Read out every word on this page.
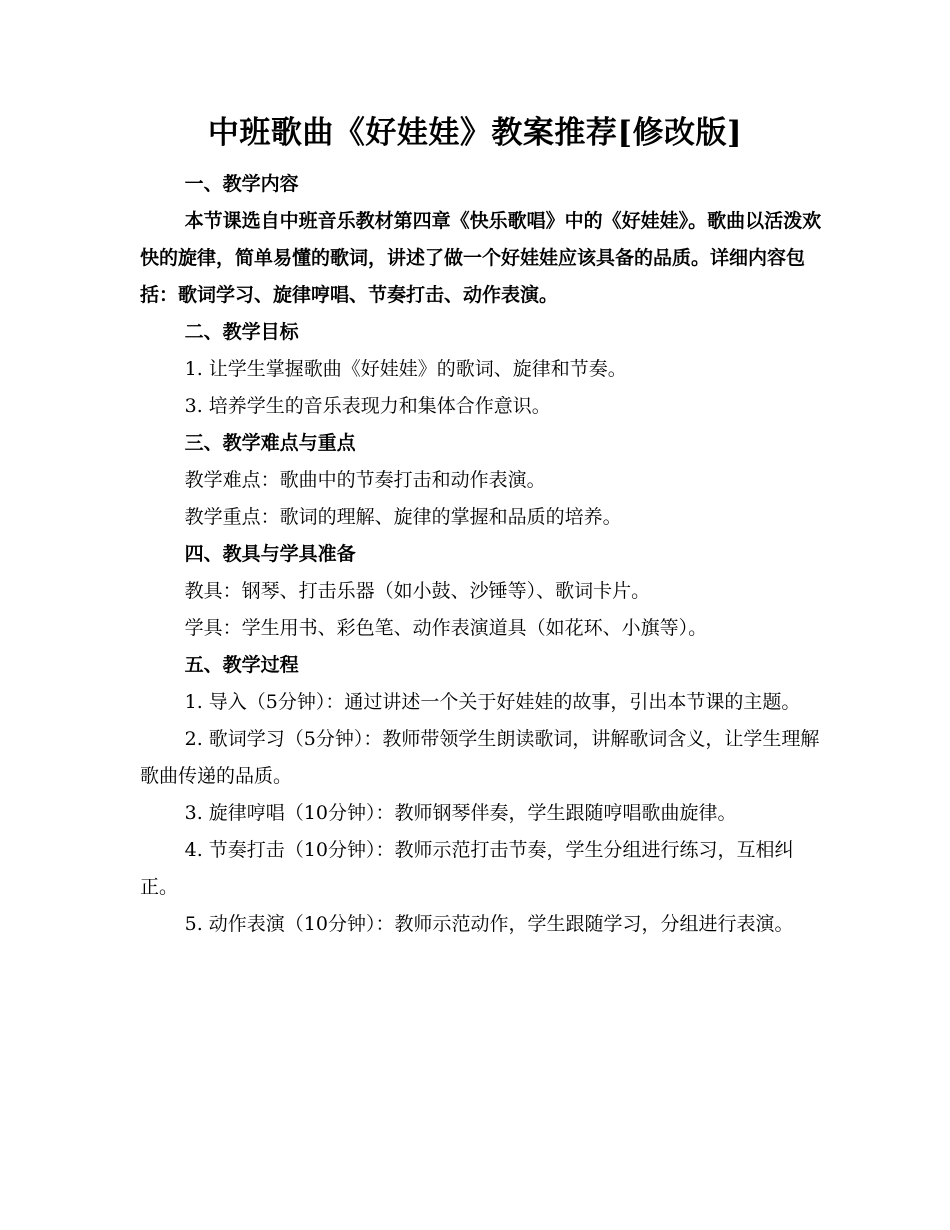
中班歌曲《好娃娃》教案推荐[修改版]

一、教学内容

本节课选自中班音乐教材第四章《快乐歌唱》中的《好娃娃》。歌曲以活泼欢快的旋律，简单易懂的歌词，讲述了做一个好娃娃应该具备的品质。详细内容包括：歌词学习、旋律哼唱、节奏打击、动作表演。

二、教学目标

1. 让学生掌握歌曲《好娃娃》的歌词、旋律和节奏。

3. 培养学生的音乐表现力和集体合作意识。

三、教学难点与重点

教学难点：歌曲中的节奏打击和动作表演。

教学重点：歌词的理解、旋律的掌握和品质的培养。

四、教具与学具准备

教具：钢琴、打击乐器（如小鼓、沙锤等）、歌词卡片。

学具：学生用书、彩色笔、动作表演道具（如花环、小旗等）。

五、教学过程

1. 导入（5分钟）：通过讲述一个关于好娃娃的故事，引出本节课的主题。

2. 歌词学习（5分钟）：教师带领学生朗读歌词，讲解歌词含义，让学生理解歌曲传递的品质。

3. 旋律哼唱（10分钟）：教师钢琴伴奏，学生跟随哼唱歌曲旋律。

4. 节奏打击（10分钟）：教师示范打击节奏，学生分组进行练习，互相纠正。

5. 动作表演（10分钟）：教师示范动作，学生跟随学习，分组进行表演。
